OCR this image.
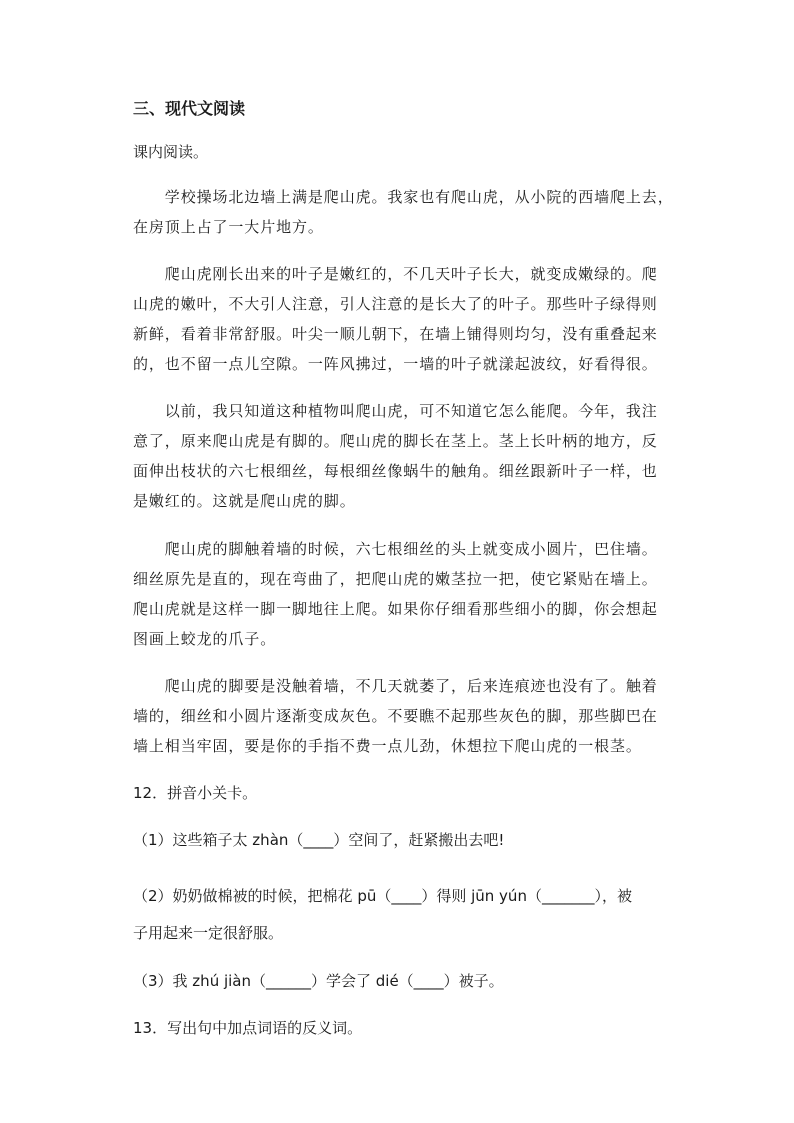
三、现代文阅读
课内阅读。
　　学校操场北边墙上满是爬山虎。我家也有爬山虎，从小院的西墙爬上去，
在房顶上占了一大片地方。
　　爬山虎刚长出来的叶子是嫩红的，不几天叶子长大，就变成嫩绿的。爬
山虎的嫩叶，不大引人注意，引人注意的是长大了的叶子。那些叶子绿得则
新鲜，看着非常舒服。叶尖一顺儿朝下，在墙上铺得则均匀，没有重叠起来
的，也不留一点儿空隙。一阵风拂过，一墙的叶子就漾起波纹，好看得很。
　　以前，我只知道这种植物叫爬山虎，可不知道它怎么能爬。今年，我注
意了，原来爬山虎是有脚的。爬山虎的脚长在茎上。茎上长叶柄的地方，反
面伸出枝状的六七根细丝，每根细丝像蜗牛的触角。细丝跟新叶子一样，也
是嫩红的。这就是爬山虎的脚。
　　爬山虎的脚触着墙的时候，六七根细丝的头上就变成小圆片，巴住墙。
细丝原先是直的，现在弯曲了，把爬山虎的嫩茎拉一把，使它紧贴在墙上。
爬山虎就是这样一脚一脚地往上爬。如果你仔细看那些细小的脚，你会想起
图画上蛟龙的爪子。
　　爬山虎的脚要是没触着墙，不几天就萎了，后来连痕迹也没有了。触着
墙的，细丝和小圆片逐渐变成灰色。不要瞧不起那些灰色的脚，那些脚巴在
墙上相当牢固，要是你的手指不费一点儿劲，休想拉下爬山虎的一根茎。
12．拼音小关卡。
（1）这些箱子太 zhàn（____）空间了，赶紧搬出去吧!
（2）奶奶做棉被的时候，把棉花 pū（____）得则 jūn yún（_______），被
子用起来一定很舒服。
（3）我 zhú jiàn（______）学会了 dié（____）被子。
13．写出句中加点词语的反义词。
